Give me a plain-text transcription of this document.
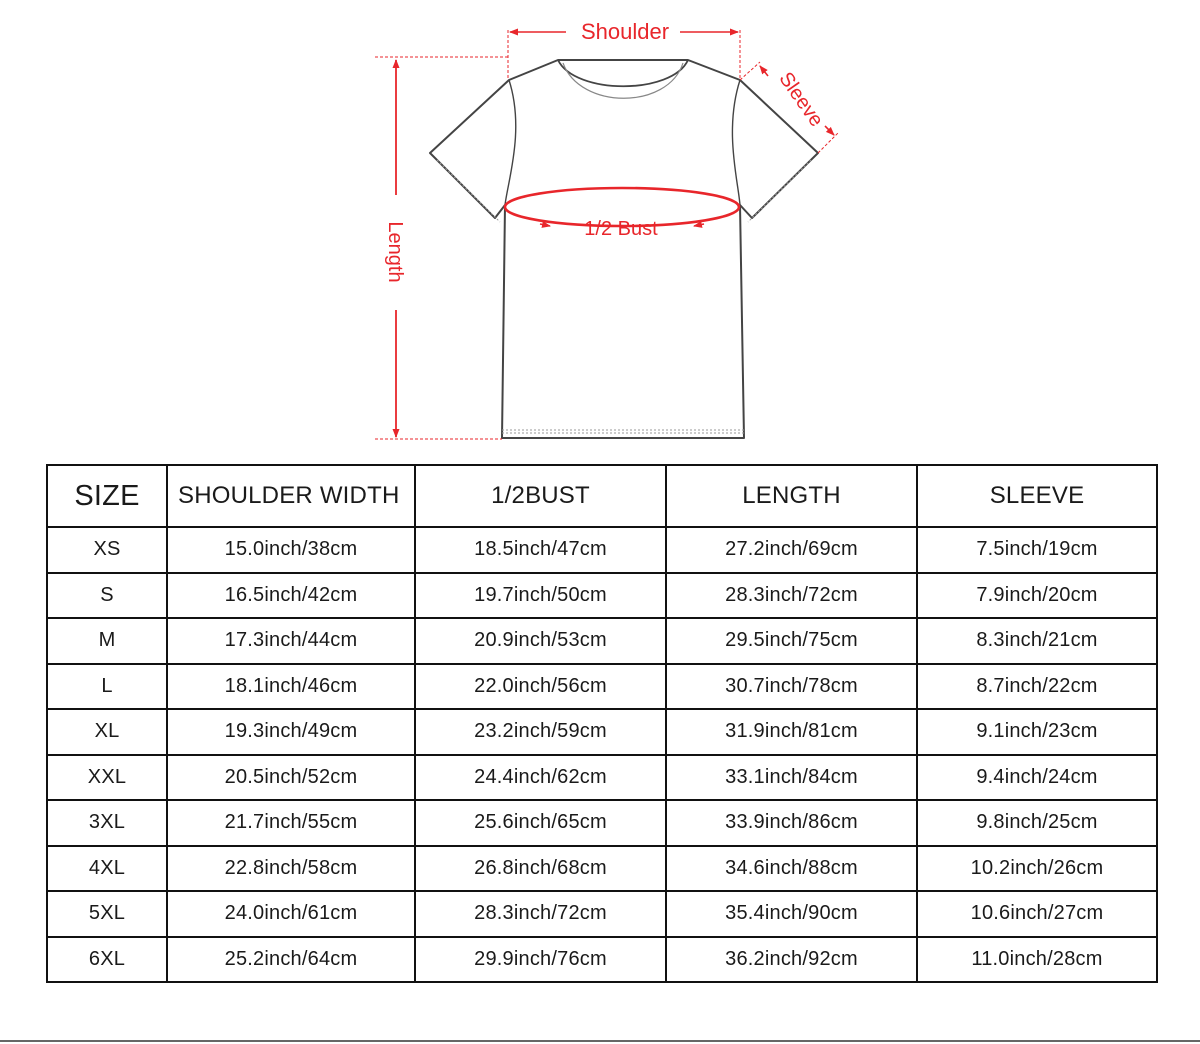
Shoulder
Sleeve
1/2 Bust
Length
SIZE	SHOULDER WIDTH	1/2BUST	LENGTH	SLEEVE
XS	15.0inch/38cm	18.5inch/47cm	27.2inch/69cm	7.5inch/19cm
S	16.5inch/42cm	19.7inch/50cm	28.3inch/72cm	7.9inch/20cm
M	17.3inch/44cm	20.9inch/53cm	29.5inch/75cm	8.3inch/21cm
L	18.1inch/46cm	22.0inch/56cm	30.7inch/78cm	8.7inch/22cm
XL	19.3inch/49cm	23.2inch/59cm	31.9inch/81cm	9.1inch/23cm
XXL	20.5inch/52cm	24.4inch/62cm	33.1inch/84cm	9.4inch/24cm
3XL	21.7inch/55cm	25.6inch/65cm	33.9inch/86cm	9.8inch/25cm
4XL	22.8inch/58cm	26.8inch/68cm	34.6inch/88cm	10.2inch/26cm
5XL	24.0inch/61cm	28.3inch/72cm	35.4inch/90cm	10.6inch/27cm
6XL	25.2inch/64cm	29.9inch/76cm	36.2inch/92cm	11.0inch/28cm
